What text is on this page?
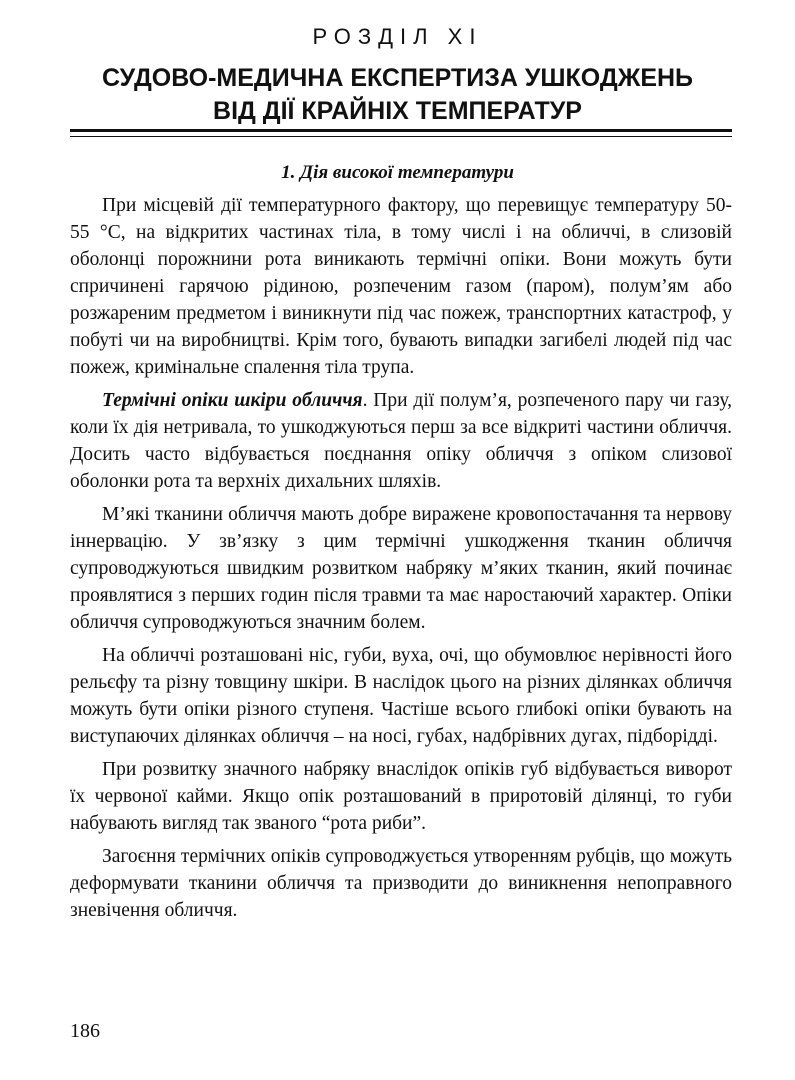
РОЗДІЛ XI
СУДОВО-МЕДИЧНА ЕКСПЕРТИЗА УШКОДЖЕНЬ
ВІД ДІЇ КРАЙНІХ ТЕМПЕРАТУР
1. Дія високої температури

При місцевій дії температурного фактору, що перевищує температуру 50-55 °С, на відкритих частинах тіла, в тому числі і на обличчі, в слизовій оболонці порожнини рота виникають термічні опіки. Вони можуть бути спричинені гарячою рідиною, розпеченим газом (паром), полум’ям або розжареним предметом і виникнути під час пожеж, транспортних катастроф, у побуті чи на виробництві. Крім того, бувають випадки загибелі людей під час пожеж, кримінальне спалення тіла трупа.

Термічні опіки шкіри обличчя. При дії полум’я, розпеченого пару чи газу, коли їх дія нетривала, то ушкоджуються перш за все відкриті частини обличчя. Досить часто відбувається поєднання опіку обличчя з опіком слизової оболонки рота та верхніх дихальних шляхів.

М’які тканини обличчя мають добре виражене кровопостачання та нервову іннервацію. У зв’язку з цим термічні ушкодження тканин обличчя супроводжуються швидким розвитком набряку м’яких тканин, який починає проявлятися з перших годин після травми та має наростаючий характер. Опіки обличчя супроводжуються значним болем.

На обличчі розташовані ніс, губи, вуха, очі, що обумовлює нерівності його рельєфу та різну товщину шкіри. В наслідок цього на різних ділянках обличчя можуть бути опіки різного ступеня. Частіше всього глибокі опіки бувають на виступаючих ділянках обличчя – на носі, губах, надбрівних дугах, підборідді.

При розвитку значного набряку внаслідок опіків губ відбувається виворот їх червоної кайми. Якщо опік розташований в приротовій ділянці, то губи набувають вигляд так званого “рота риби”.

Загоєння термічних опіків супроводжується утворенням рубців, що можуть деформувати тканини обличчя та призводити до виникнення непоправного зневічення обличчя.

186
